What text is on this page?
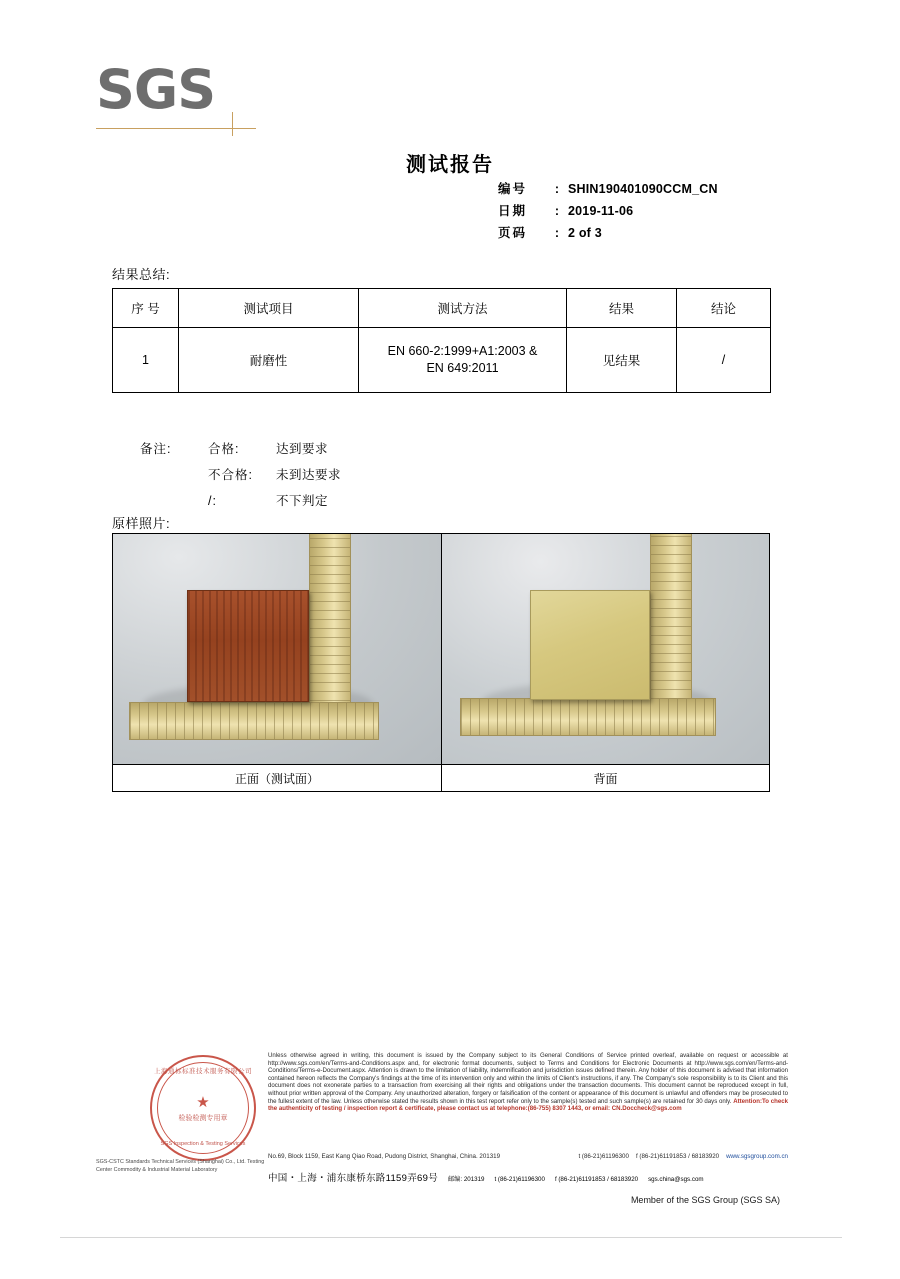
SGS
测试报告
编号	: SHIN190401090CCM_CN
日期	: 2019-11-06
页码	: 2 of 3
结果总结:
序 号	测试项目	测试方法	结果	结论
1	耐磨性	EN 660-2:1999+A1:2003 &
EN 649:2011	见结果	/
备注:	合格:	达到要求
不合格:	未到达要求
/:	不下判定
原样照片:
正面（测试面）	背面
上海通标标准技术服务有限公司
★
检验检测专用章
SGS Inspection & Testing Services
Unless otherwise agreed in writing, this document is issued by the Company subject to its General Conditions of Service printed overleaf, available on request or accessible at http://www.sgs.com/en/Terms-and-Conditions.aspx and, for electronic format documents, subject to Terms and Conditions for Electronic Documents at http://www.sgs.com/en/Terms-and-Conditions/Terms-e-Document.aspx. Attention is drawn to the limitation of liability, indemnification and jurisdiction issues defined therein. Any holder of this document is advised that information contained hereon reflects the Company's findings at the time of its intervention only and within the limits of Client's instructions, if any. The Company's sole responsibility is to its Client and this document does not exonerate parties to a transaction from exercising all their rights and obligations under the transaction documents. This document cannot be reproduced except in full, without prior written approval of the Company. Any unauthorized alteration, forgery or falsification of the content or appearance of this document is unlawful and offenders may be prosecuted to the fullest extent of the law. Unless otherwise stated the results shown in this test report refer only to the sample(s) tested and such sample(s) are retained for 30 days only. Attention:To check the authenticity of testing / inspection report & certificate, please contact us at telephone:(86-755) 8307 1443, or email: CN.Doccheck@sgs.com
SGS-CSTC Standards Technical Services (Shanghai) Co., Ltd. Testing Center Commodity & Industrial Material Laboratory
No.69, Block 1159, East Kang Qiao Road, Pudong District, Shanghai, China. 201319	t (86-21)61196300 f (86-21)61191853 / 68183920 www.sgsgroup.com.cn
中国・上海・浦东康桥东路1159弄69号 邮编: 201319 t (86-21)61196300 f (86-21)61191853 / 68183920 sgs.china@sgs.com
Member of the SGS Group (SGS SA)
